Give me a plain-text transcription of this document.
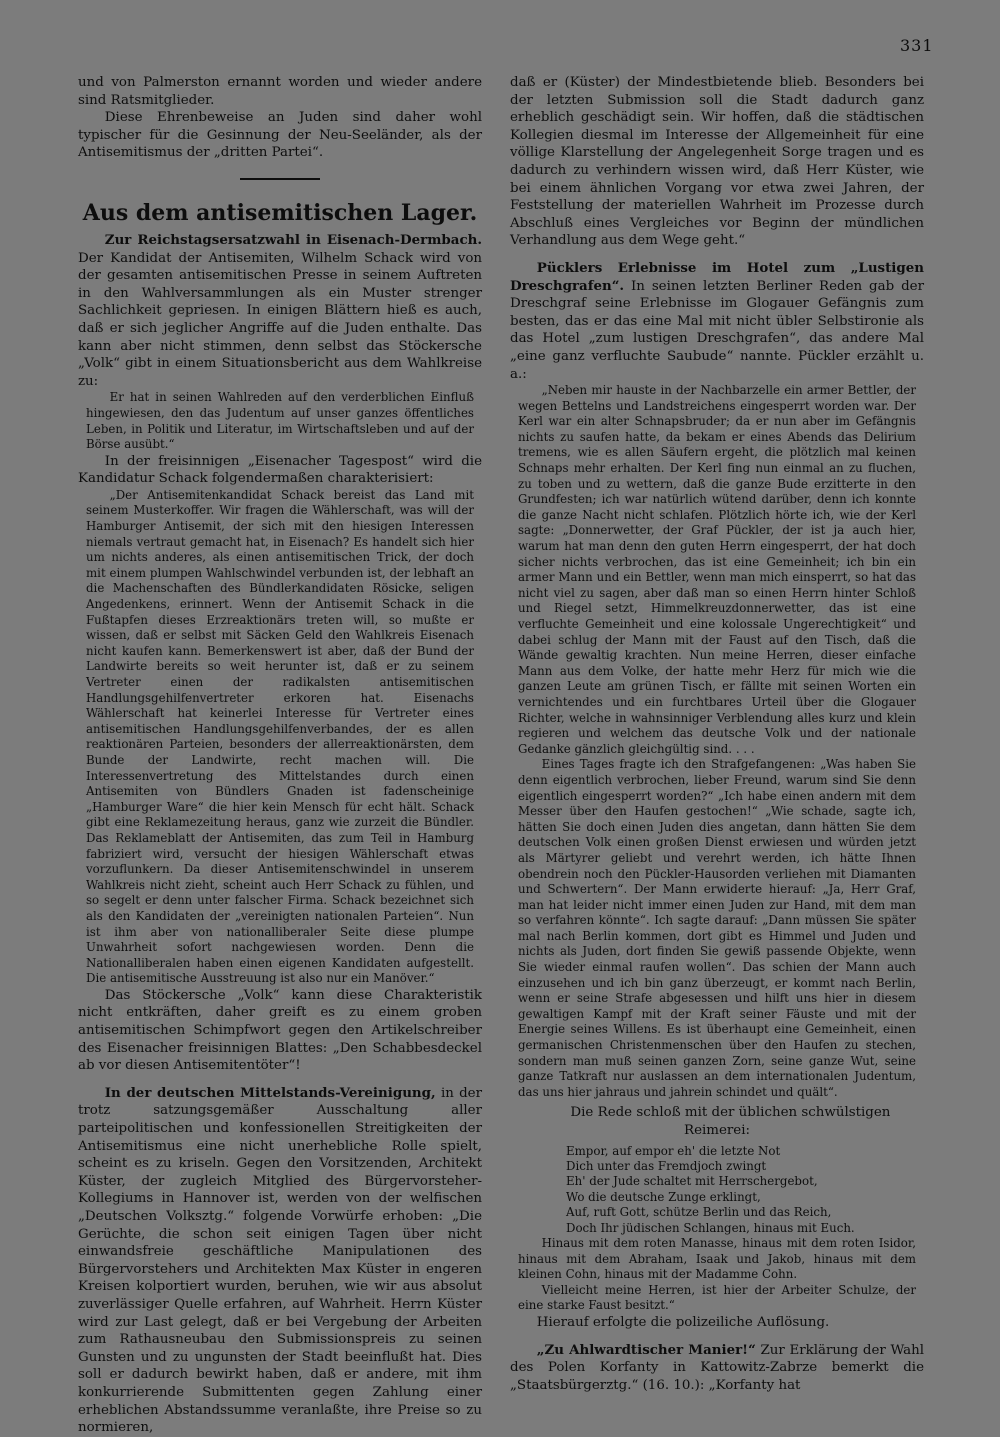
331

und von Palmerston ernannt worden und wieder andere sind Ratsmitglieder.

Diese Ehrenbeweise an Juden sind daher wohl typischer für die Gesinnung der Neu-Seeländer, als der Antisemitismus der „dritten Partei“.

Aus dem antisemitischen Lager.

Zur Reichstagsersatzwahl in Eisenach-Dermbach. Der Kandidat der Antisemiten, Wilhelm Schack wird von der gesamten antisemitischen Presse in seinem Auftreten in den Wahlversammlungen als ein Muster strenger Sachlichkeit gepriesen. In einigen Blättern hieß es auch, daß er sich jeglicher Angriffe auf die Juden enthalte. Das kann aber nicht stimmen, denn selbst das Stöckersche „Volk“ gibt in einem Situationsbericht aus dem Wahlkreise zu:

Er hat in seinen Wahlreden auf den verderblichen Einfluß hingewiesen, den das Judentum auf unser ganzes öffentliches Leben, in Politik und Literatur, im Wirtschaftsleben und auf der Börse ausübt.“

In der freisinnigen „Eisenacher Tagespost“ wird die Kandidatur Schack folgendermaßen charakterisiert:

„Der Antisemitenkandidat Schack bereist das Land mit seinem Musterkoffer. Wir fragen die Wählerschaft, was will der Hamburger Antisemit, der sich mit den hiesigen Interessen niemals vertraut gemacht hat, in Eisenach? Es handelt sich hier um nichts anderes, als einen antisemitischen Trick, der doch mit einem plumpen Wahlschwindel verbunden ist, der lebhaft an die Machenschaften des Bündlerkandidaten Rösicke, seligen Angedenkens, erinnert. Wenn der Antisemit Schack in die Fußtapfen dieses Erzreaktionärs treten will, so mußte er wissen, daß er selbst mit Säcken Geld den Wahlkreis Eisenach nicht kaufen kann. Bemerkenswert ist aber, daß der Bund der Landwirte bereits so weit herunter ist, daß er zu seinem Vertreter einen der radikalsten antisemitischen Handlungsgehilfenvertreter erkoren hat. Eisenachs Wählerschaft hat keinerlei Interesse für Vertreter eines antisemitischen Handlungsgehilfenverbandes, der es allen reaktionären Parteien, besonders der allerreaktionärsten, dem Bunde der Landwirte, recht machen will. Die Interessenvertretung des Mittelstandes durch einen Antisemiten von Bündlers Gnaden ist fadenscheinige „Hamburger Ware“ die hier kein Mensch für echt hält. Schack gibt eine Reklamezeitung heraus, ganz wie zurzeit die Bündler. Das Reklameblatt der Antisemiten, das zum Teil in Hamburg fabriziert wird, versucht der hiesigen Wählerschaft etwas vorzuflunkern. Da dieser Antisemitenschwindel in unserem Wahlkreis nicht zieht, scheint auch Herr Schack zu fühlen, und so segelt er denn unter falscher Firma. Schack bezeichnet sich als den Kandidaten der „vereinigten nationalen Parteien“. Nun ist ihm aber von nationalliberaler Seite diese plumpe Unwahrheit sofort nachgewiesen worden. Denn die Nationalliberalen haben einen eigenen Kandidaten aufgestellt. Die antisemitische Ausstreuung ist also nur ein Manöver.“

Das Stöckersche „Volk“ kann diese Charakteristik nicht entkräften, daher greift es zu einem groben antisemitischen Schimpfwort gegen den Artikelschreiber des Eisenacher freisinnigen Blattes: „Den Schabbesdeckel ab vor diesen Antisemitentöter“!

In der deutschen Mittelstands-Vereinigung, in der trotz satzungsgemäßer Ausschaltung aller parteipolitischen und konfessionellen Streitigkeiten der Antisemitismus eine nicht unerhebliche Rolle spielt, scheint es zu kriseln. Gegen den Vorsitzenden, Architekt Küster, der zugleich Mitglied des Bürgervorsteher-Kollegiums in Hannover ist, werden von der welfischen „Deutschen Volksztg.“ folgende Vorwürfe erhoben: „Die Gerüchte, die schon seit einigen Tagen über nicht einwandsfreie geschäftliche Manipulationen des Bürgervorstehers und Architekten Max Küster in engeren Kreisen kolportiert wurden, beruhen, wie wir aus absolut zuverlässiger Quelle erfahren, auf Wahrheit. Herrn Küster wird zur Last gelegt, daß er bei Vergebung der Arbeiten zum Rathausneubau den Submissionspreis zu seinen Gunsten und zu ungunsten der Stadt beeinflußt hat. Dies soll er dadurch bewirkt haben, daß er andere, mit ihm konkurrierende Submittenten gegen Zahlung einer erheblichen Abstandssumme veranlaßte, ihre Preise so zu normieren,

daß er (Küster) der Mindestbietende blieb. Besonders bei der letzten Submission soll die Stadt dadurch ganz erheblich geschädigt sein. Wir hoffen, daß die städtischen Kollegien diesmal im Interesse der Allgemeinheit für eine völlige Klarstellung der Angelegenheit Sorge tragen und es dadurch zu verhindern wissen wird, daß Herr Küster, wie bei einem ähnlichen Vorgang vor etwa zwei Jahren, der Feststellung der materiellen Wahrheit im Prozesse durch Abschluß eines Vergleiches vor Beginn der mündlichen Verhandlung aus dem Wege geht.“

Pücklers Erlebnisse im Hotel zum „Lustigen Dreschgrafen“. In seinen letzten Berliner Reden gab der Dreschgraf seine Erlebnisse im Glogauer Gefängnis zum besten, das er das eine Mal mit nicht übler Selbstironie als das Hotel „zum lustigen Dreschgrafen“, das andere Mal „eine ganz verfluchte Saubude“ nannte. Pückler erzählt u. a.:

„Neben mir hauste in der Nachbarzelle ein armer Bettler, der wegen Bettelns und Landstreichens eingesperrt worden war. Der Kerl war ein alter Schnapsbruder; da er nun aber im Gefängnis nichts zu saufen hatte, da bekam er eines Abends das Delirium tremens, wie es allen Säufern ergeht, die plötzlich mal keinen Schnaps mehr erhalten. Der Kerl fing nun einmal an zu fluchen, zu toben und zu wettern, daß die ganze Bude erzitterte in den Grundfesten; ich war natürlich wütend darüber, denn ich konnte die ganze Nacht nicht schlafen. Plötzlich hörte ich, wie der Kerl sagte: „Donnerwetter, der Graf Pückler, der ist ja auch hier, warum hat man denn den guten Herrn eingesperrt, der hat doch sicher nichts verbrochen, das ist eine Gemeinheit; ich bin ein armer Mann und ein Bettler, wenn man mich einsperrt, so hat das nicht viel zu sagen, aber daß man so einen Herrn hinter Schloß und Riegel setzt, Himmelkreuzdonnerwetter, das ist eine verfluchte Gemeinheit und eine kolossale Ungerechtigkeit“ und dabei schlug der Mann mit der Faust auf den Tisch, daß die Wände gewaltig krachten. Nun meine Herren, dieser einfache Mann aus dem Volke, der hatte mehr Herz für mich wie die ganzen Leute am grünen Tisch, er fällte mit seinen Worten ein vernichtendes und ein furchtbares Urteil über die Glogauer Richter, welche in wahnsinniger Verblendung alles kurz und klein regieren und welchem das deutsche Volk und der nationale Gedanke gänzlich gleichgültig sind. . . .

Eines Tages fragte ich den Strafgefangenen: „Was haben Sie denn eigentlich verbrochen, lieber Freund, warum sind Sie denn eigentlich eingesperrt worden?“ „Ich habe einen andern mit dem Messer über den Haufen gestochen!“ „Wie schade, sagte ich, hätten Sie doch einen Juden dies angetan, dann hätten Sie dem deutschen Volk einen großen Dienst erwiesen und würden jetzt als Märtyrer geliebt und verehrt werden, ich hätte Ihnen obendrein noch den Pückler-Hausorden verliehen mit Diamanten und Schwertern“. Der Mann erwiderte hierauf: „Ja, Herr Graf, man hat leider nicht immer einen Juden zur Hand, mit dem man so verfahren könnte“. Ich sagte darauf: „Dann müssen Sie später mal nach Berlin kommen, dort gibt es Himmel und Juden und nichts als Juden, dort finden Sie gewiß passende Objekte, wenn Sie wieder einmal raufen wollen“. Das schien der Mann auch einzusehen und ich bin ganz überzeugt, er kommt nach Berlin, wenn er seine Strafe abgesessen und hilft uns hier in diesem gewaltigen Kampf mit der Kraft seiner Fäuste und mit der Energie seines Willens. Es ist überhaupt eine Gemeinheit, einen germanischen Christenmenschen über den Haufen zu stechen, sondern man muß seinen ganzen Zorn, seine ganze Wut, seine ganze Tatkraft nur auslassen an dem internationalen Judentum, das uns hier jahraus und jahrein schindet und quält“.

Die Rede schloß mit der üblichen schwülstigen Reimerei:

Empor, auf empor eh' die letzte Not
Dich unter das Fremdjoch zwingt
Eh' der Jude schaltet mit Herrschergebot,
Wo die deutsche Zunge erklingt,
Auf, ruft Gott, schütze Berlin und das Reich,
Doch Ihr jüdischen Schlangen, hinaus mit Euch.

Hinaus mit dem roten Manasse, hinaus mit dem roten Isidor, hinaus mit dem Abraham, Isaak und Jakob, hinaus mit dem kleinen Cohn, hinaus mit der Madamme Cohn.

Vielleicht meine Herren, ist hier der Arbeiter Schulze, der eine starke Faust besitzt.“

Hierauf erfolgte die polizeiliche Auflösung.

„Zu Ahlwardtischer Manier!“ Zur Erklärung der Wahl des Polen Korfanty in Kattowitz-Zabrze bemerkt die „Staatsbürgerztg.“ (16. 10.): „Korfanty hat
